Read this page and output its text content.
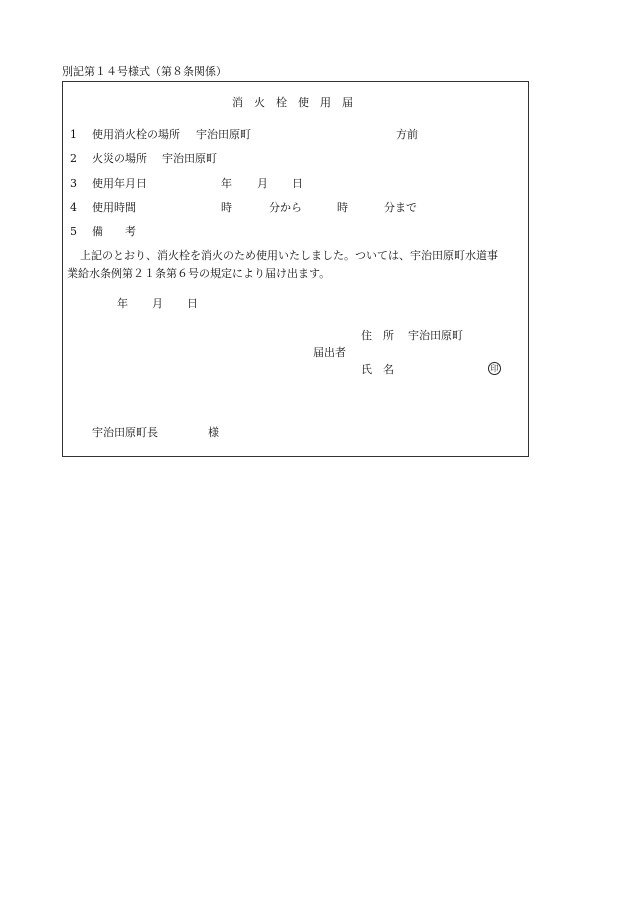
別記第１４号様式（第８条関係）
消　火　栓　使　用　届
1 使用消火栓の場所 宇治田原町	方前
2 火災の場所 宇治田原町
3 使用年月日	年 月 日
4 使用時間	時	分から	時	分まで
5 備　　考
上記のとおり、消火栓を消火のため使用いたしました。ついては、宇治田原町水道事
業給水条例第２１条第６号の規定により届け出ます。
年 月 日
住　所 宇治田原町
届出者
氏　名	印
宇治田原町長	様
